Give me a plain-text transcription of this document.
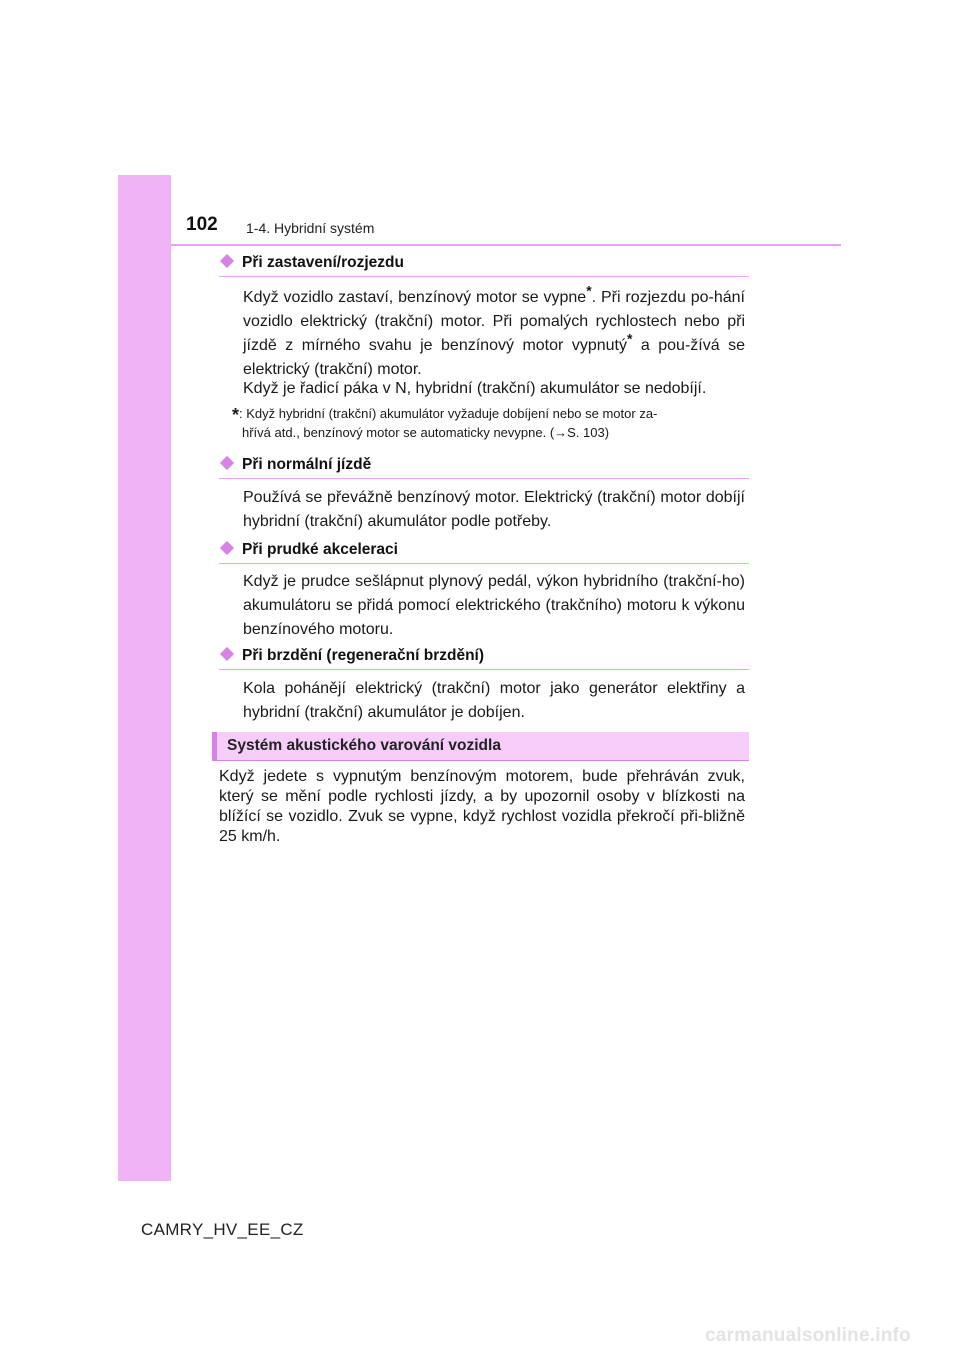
102 1-4. Hybridní systém
Při zastavení/rozjezdu

Když vozidlo zastaví, benzínový motor se vypne*. Při rozjezdu po-hání vozidlo elektrický (trakční) motor. Při pomalých rychlostech nebo při jízdě z mírného svahu je benzínový motor vypnutý* a pou-žívá se elektrický (trakční) motor.

Když je řadicí páka v N, hybridní (trakční) akumulátor se nedobíjí.

*: Když hybridní (trakční) akumulátor vyžaduje dobíjení nebo se motor za-
hřívá atd., benzínový motor se automaticky nevypne. (→S. 103)
Při normální jízdě

Používá se převážně benzínový motor. Elektrický (trakční) motor dobíjí hybridní (trakční) akumulátor podle potřeby.

Při prudké akceleraci

Když je prudce sešlápnut plynový pedál, výkon hybridního (trakční-ho) akumulátoru se přidá pomocí elektrického (trakčního) motoru k výkonu benzínového motoru.

Při brzdění (regenerační brzdění)

Kola pohánějí elektrický (trakční) motor jako generátor elektřiny a hybridní (trakční) akumulátor je dobíjen.

Systém akustického varování vozidla

Když jedete s vypnutým benzínovým motorem, bude přehráván zvuk, který se mění podle rychlosti jízdy, a by upozornil osoby v blízkosti na blížící se vozidlo. Zvuk se vypne, když rychlost vozidla překročí při-bližně 25 km/h.

CAMRY_HV_EE_CZ
carmanualsonline.info
